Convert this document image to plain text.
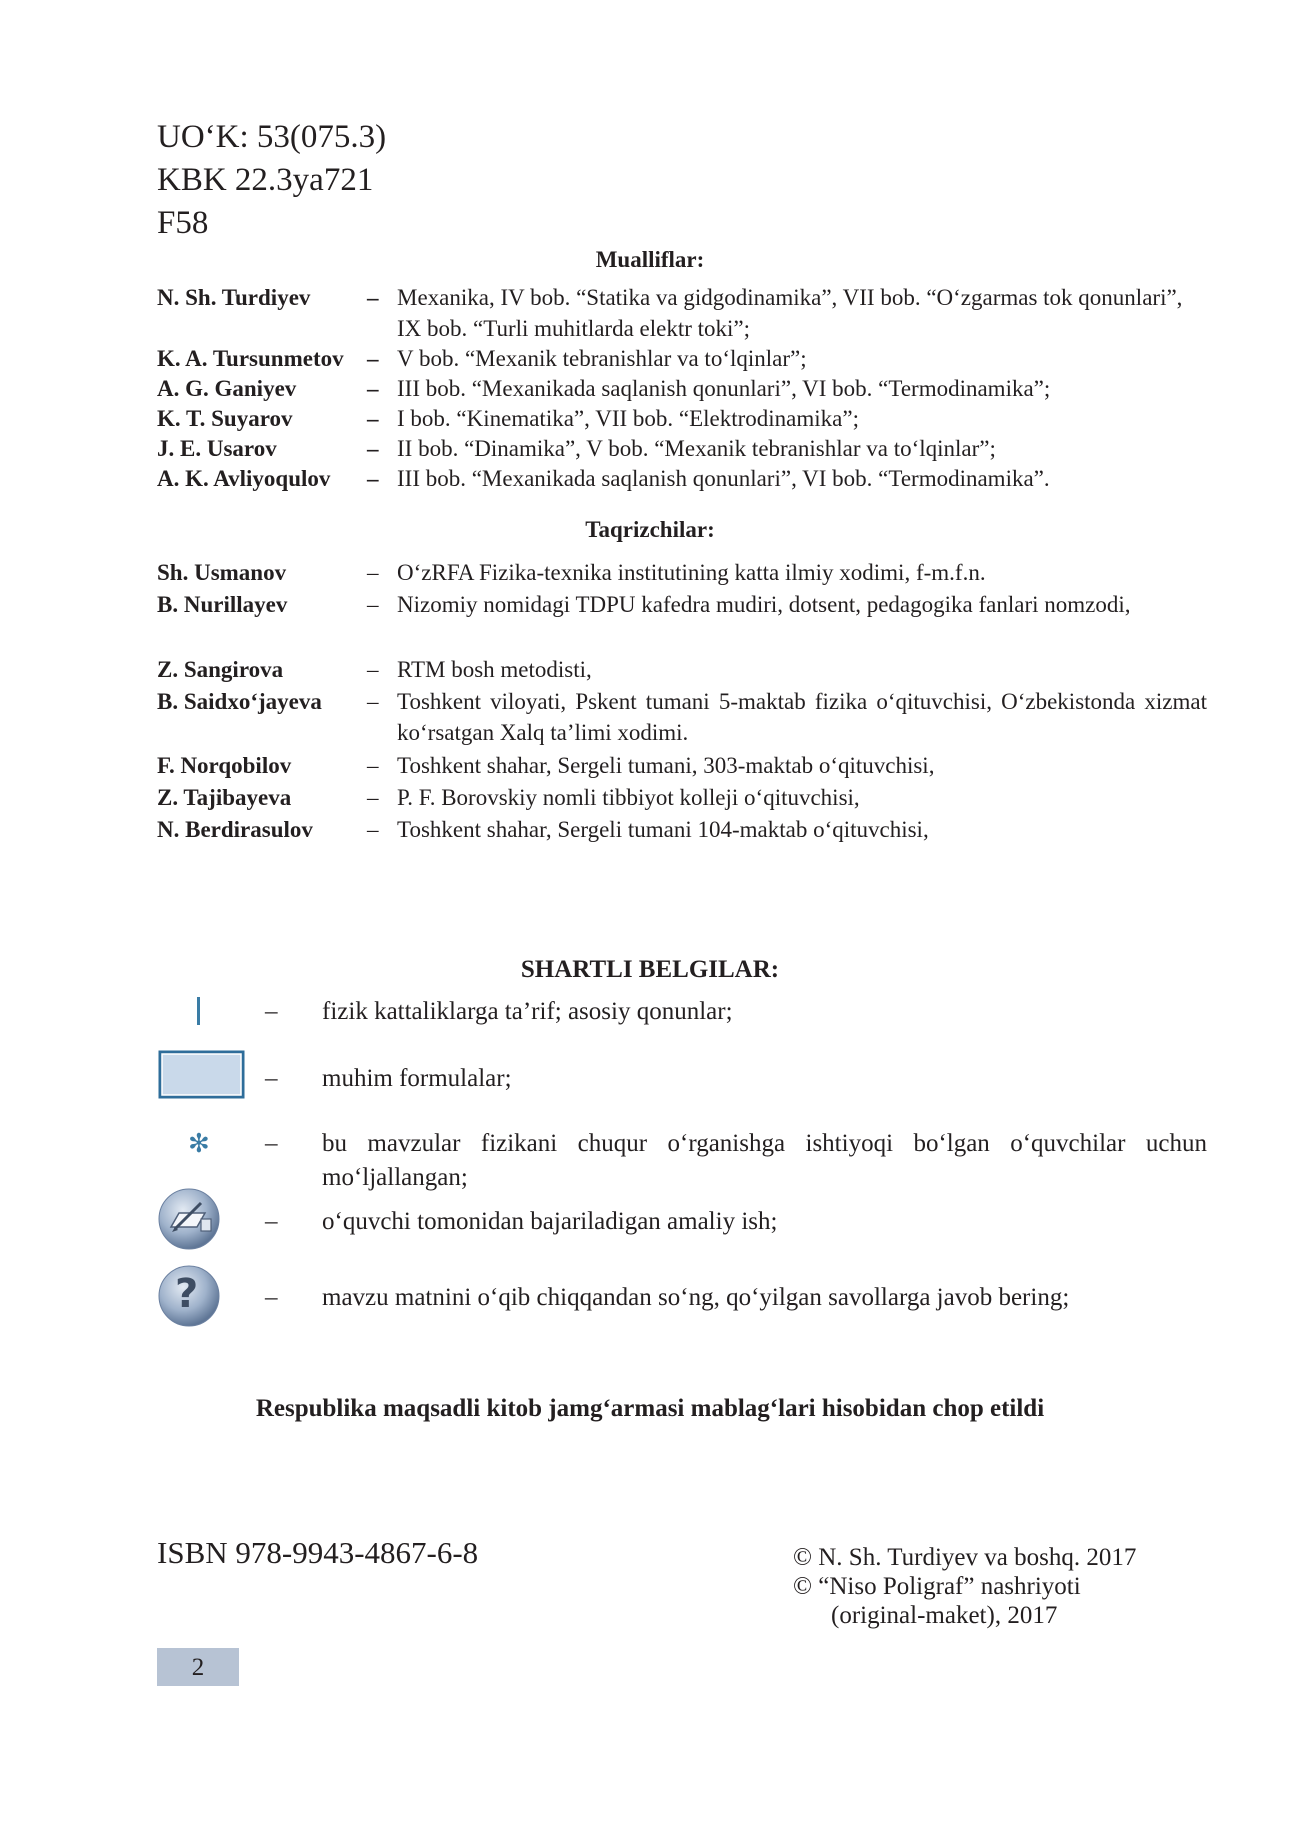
UO‘K: 53(075.3)
KBK 22.3ya721
F58
Mualliflar:
N. Sh. Turdiyev – Mexanika, IV bob. “Statika va gidgodinamika”, VII bob. “O‘zgarmas tok qonunlari”, IX bob. “Turli muhitlarda elektr toki”;
K. A. Tursunmetov – V bob. “Mexanik tebranishlar va to‘lqinlar”;
A. G. Ganiyev	– III bob. “Mexanikada saqlanish qonunlari”, VI bob. “Termodinamika”;
K. T. Suyarov	– I bob. “Kinematika”, VII bob. “Elektrodinamika”;
J. E. Usarov	– II bob. “Dinamika”, V bob. “Mexanik tebranishlar va to‘lqinlar”;
A. K. Avliyoqulov – III bob. “Mexanikada saqlanish qonunlari”, VI bob. “Termodinamika”.
Taqrizchilar:
Sh. Usmanov	– O‘zRFA Fizika-texnika institutining katta ilmiy xodimi, f-m.f.n.
B. Nurillayev	– Nizomiy nomidagi TDPU kafedra mudiri, dotsent, pedagogika fanlari nomzodi,
Z. Sangirova	– RTM bosh metodisti,
B. Saidxo‘jayeva – Toshkent viloyati, Pskent tumani 5-maktab fizika o‘qituvchisi, O‘zbekistonda xizmat ko‘rsatgan Xalq ta’limi xodimi.
F. Norqobilov	– Toshkent shahar, Sergeli tumani, 303-maktab o‘qituvchisi,
Z. Tajibayeva	– P. F. Borovskiy nomli tibbiyot kolleji o‘qituvchisi,
N. Berdirasulov – Toshkent shahar, Sergeli tumani 104-maktab o‘qituvchisi,
SHARTLI BELGILAR:
– fizik kattaliklarga ta’rif; asosiy qonunlar;
– muhim formulalar;
✻ – bu mavzular fizikani chuqur o‘rganishga ishtiyoqi bo‘lgan o‘quvchilar uchun mo‘ljallangan;
– o‘quvchi tomonidan bajariladigan amaliy ish;
?	– mavzu matnini o‘qib chiqqandan so‘ng, qo‘yilgan savollarga javob bering;
Respublika maqsadli kitob jamg‘armasi mablag‘lari hisobidan chop etildi
ISBN 978-9943-4867-6-8	© N. Sh. Turdiyev va boshq. 2017
© “Niso Poligraf” nashriyoti
(original-maket), 2017
2
